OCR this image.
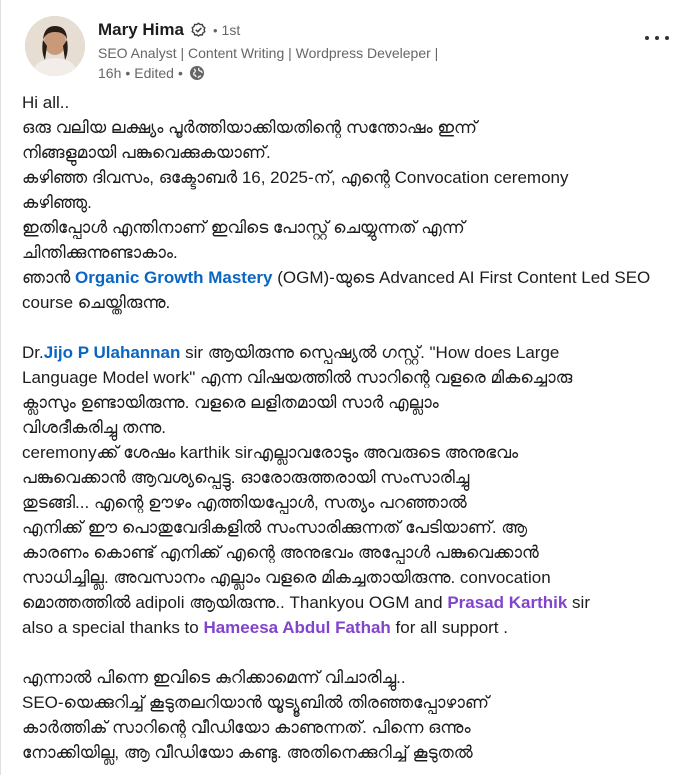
Mary Hima • 1st
SEO Analyst | Content Writing | Wordpress Develeper |
16h • Edited •
Hi all..
ഒരു വലിയ ലക്ഷ്യം പൂർത്തിയാക്കിയതിന്റെ സന്തോഷം ഇന്ന്
നിങ്ങളുമായി പങ്കുവെക്കുകയാണ്.
കഴിഞ്ഞ ദിവസം, ഒക്ടോബർ 16, 2025-ന്, എന്റെ Convocation ceremony
കഴിഞ്ഞു.
ഇതിപ്പോൾ എന്തിനാണ് ഇവിടെ പോസ്റ്റ് ചെയ്യുന്നത് എന്ന്
ചിന്തിക്കുന്നുണ്ടാകാം.
ഞാൻ Organic Growth Mastery (OGM)-യുടെ Advanced AI First Content Led SEO
course ചെയ്തിരുന്നു.
Dr.Jijo P Ulahannan sir ആയിരുന്നു സ്പെഷ്യൽ ഗസ്റ്റ്. "How does Large
Language Model work" എന്ന വിഷയത്തിൽ സാറിന്റെ വളരെ മികച്ചൊരു
ക്ലാസും ഉണ്ടായിരുന്നു. വളരെ ലളിതമായി സാർ എല്ലാം
വിശദീകരിച്ചു തന്നു.
ceremonyക്ക് ശേഷം karthik sirഎല്ലാവരോടും അവരുടെ അനുഭവം
പങ്കുവെക്കാൻ ആവശ്യപ്പെട്ടു. ഓരോരുത്തരായി സംസാരിച്ചു
തുടങ്ങി... എന്റെ ഊഴം എത്തിയപ്പോൾ, സത്യം പറഞ്ഞാൽ
എനിക്ക് ഈ പൊതുവേദികളിൽ സംസാരിക്കുന്നത് പേടിയാണ്. ആ
കാരണം കൊണ്ട് എനിക്ക് എന്റെ അനുഭവം അപ്പോൾ പങ്കുവെക്കാൻ
സാധിച്ചില്ല. അവസാനം എല്ലാം വളരെ മികച്ചതായിരുന്നു. convocation
മൊത്തത്തിൽ adipoli ആയിരുന്നു.. Thankyou OGM and Prasad Karthik sir
also a special thanks to Hameesa Abdul Fathah for all support .
എന്നാൽ പിന്നെ ഇവിടെ കുറിക്കാമെന്ന് വിചാരിച്ചു..
SEO-യെക്കുറിച്ച് കൂടുതലറിയാൻ യൂട്യൂബിൽ തിരഞ്ഞപ്പോഴാണ്
കാർത്തിക് സാറിന്റെ വീഡിയോ കാണുന്നത്. പിന്നെ ഒന്നും
നോക്കിയില്ല, ആ വീഡിയോ കണ്ടു. അതിനെക്കുറിച്ച് കൂടുതൽ
